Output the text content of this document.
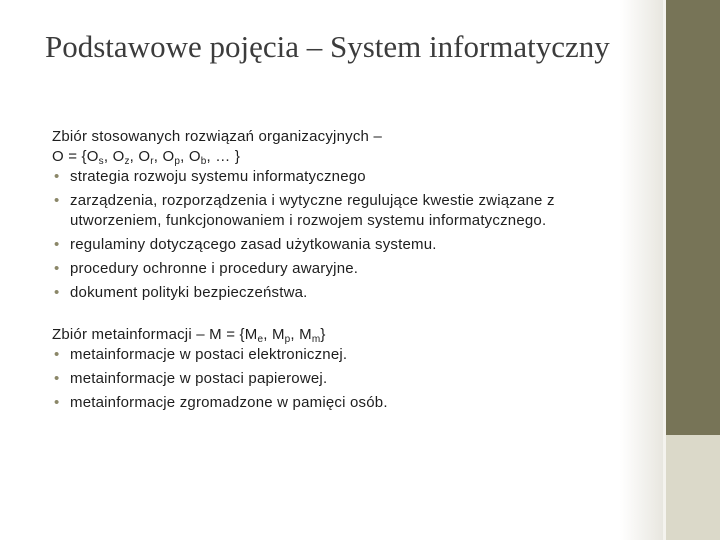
Podstawowe pojęcia – System informatyczny

Zbiór stosowanych rozwiązań organizacyjnych –

$O = \{O_s$, $O_z$, $O_r$, $O_p$, $O_b$, … }

• strategia rozwoju systemu informatycznego
• zarządzenia, rozporządzenia i wytyczne regulujące kwestie związane z utworzeniem, funkcjonowaniem i rozwojem systemu informatycznego.
• regulaminy dotyczącego zasad użytkowania systemu.
• procedury ochronne i procedury awaryjne.
• dokument polityki bezpieczeństwa.

Zbiór metainformacji – $M = \{M_e$, $M_p$, $M_m$}

• metainformacje w postaci elektronicznej.
• metainformacje w postaci papierowej.
• metainformacje zgromadzone w pamięci osób.
